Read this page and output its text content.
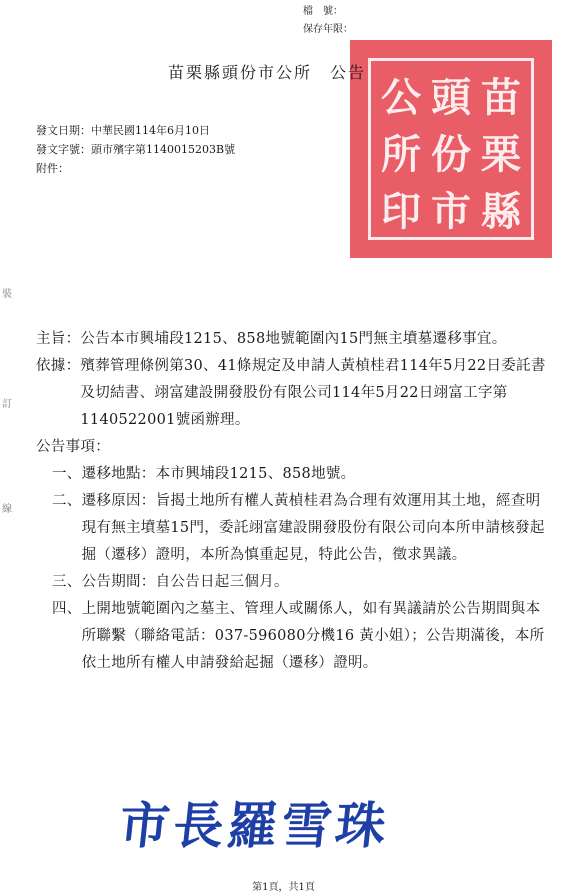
檔　號：
保存年限：
公 頭 苗
所 份 栗
印 市 縣
苗栗縣頭份市公所　公告
發文日期：中華民國114年6月10日
發文字號：頭市殯字第1140015203B號
附件：
裝
訂
線
主旨： 公告本市興埔段1215、858地號範圍內15門無主墳墓遷移事宜。
依據： 殯葬管理條例第30、41條規定及申請人黃楨桂君114年5月22日委託書及切結書、翊富建設開發股份有限公司114年5月22日翊富工字第1140522001號函辦理。
公告事項：
一、 遷移地點：本市興埔段1215、858地號。
二、 遷移原因：旨揭土地所有權人黃楨桂君為合理有效運用其土地，經查明現有無主墳墓15門，委託翊富建設開發股份有限公司向本所申請核發起掘（遷移）證明，本所為慎重起見，特此公告，徵求異議。
三、 公告期間：自公告日起三個月。
四、 上開地號範圍內之墓主、管理人或關係人，如有異議請於公告期間與本所聯繫（聯絡電話：037-596080分機16 黃小姐）；公告期滿後，本所依土地所有權人申請發給起掘（遷移）證明。
市長羅雪珠
第1頁，共1頁
